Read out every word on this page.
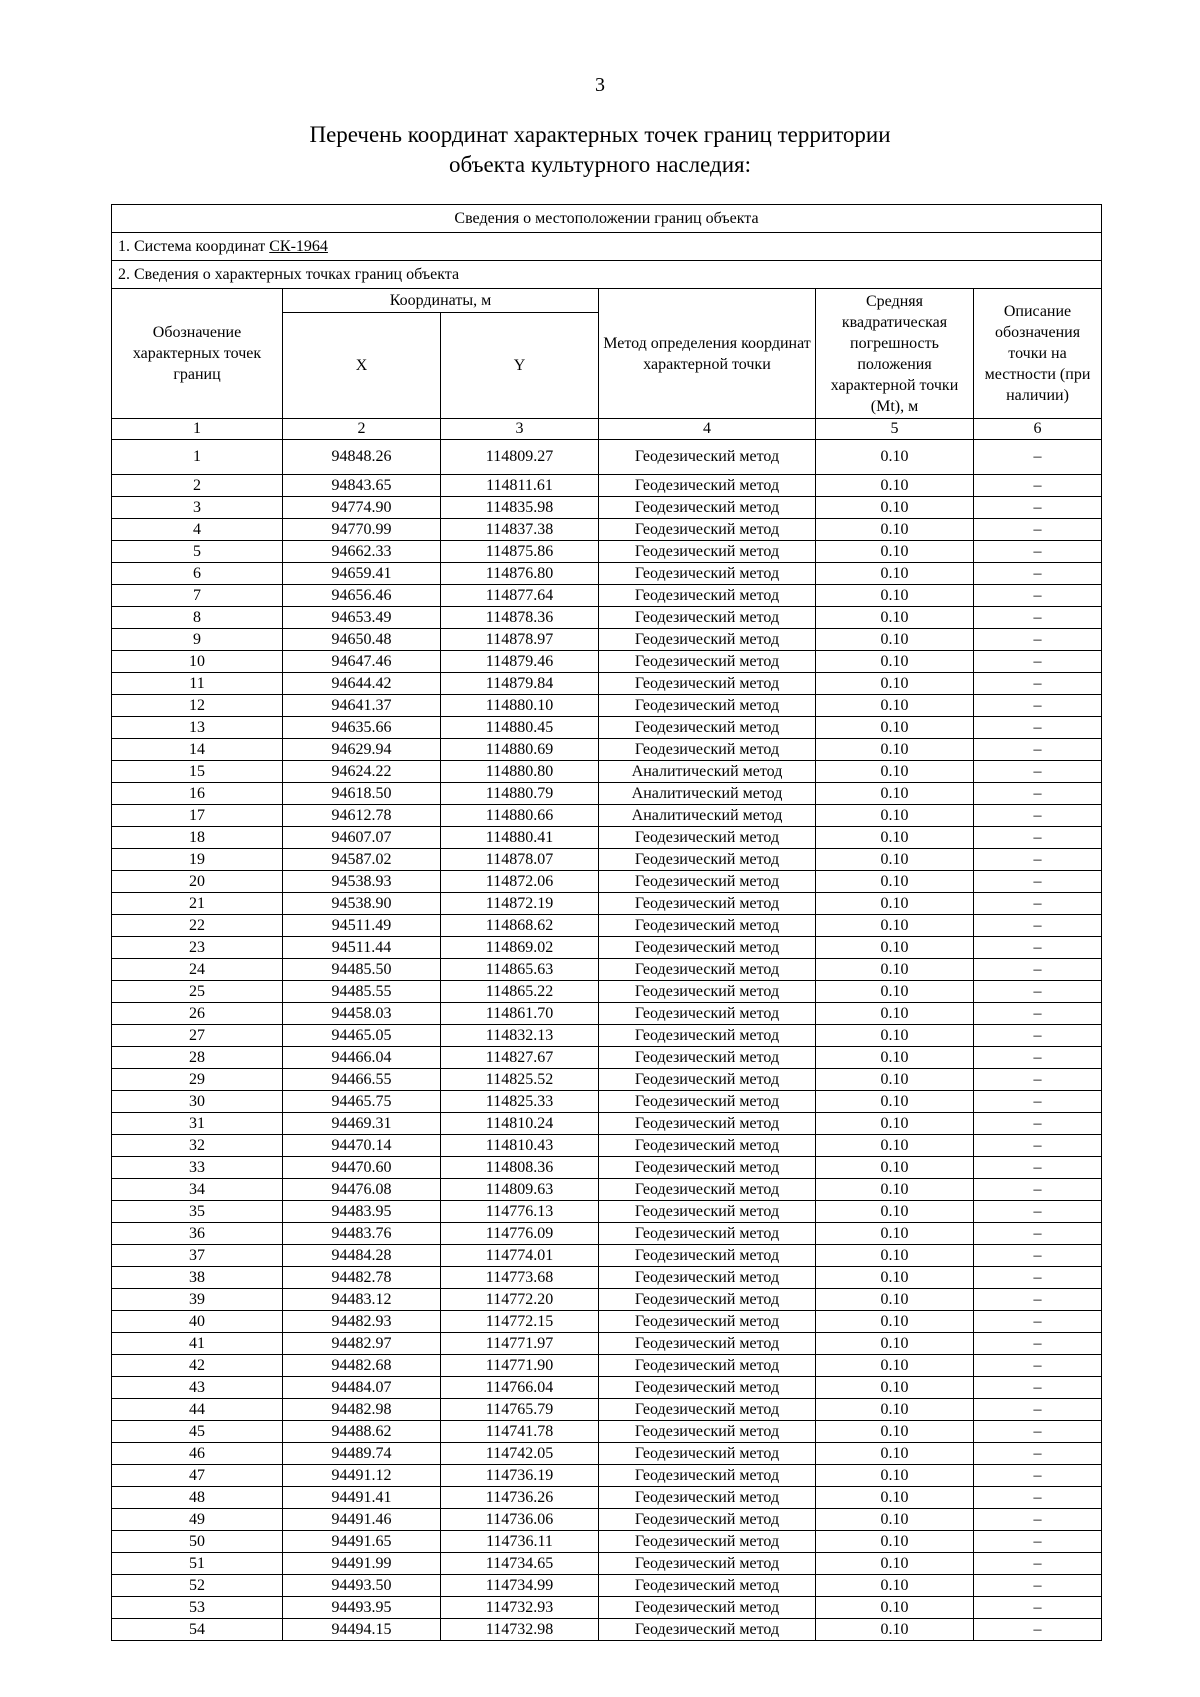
3
Перечень координат характерных точек границ территории
объекта культурного наследия:
Сведения о местоположении границ объекта					
1. Система координат СК-1964					
2. Сведения о характерных точках границ объекта					
Обозначение характерных точек границ	Координаты, м		Метод определения координат характерной точки	Средняя квадратическая погрешность положения характерной точки (Mt), м	Описание обозначения точки на местности (при наличии)
	X	Y			
1	2	3	4	5	6
1	94848.26	114809.27	Геодезический метод	0.10	–
2	94843.65	114811.61	Геодезический метод	0.10	–
3	94774.90	114835.98	Геодезический метод	0.10	–
4	94770.99	114837.38	Геодезический метод	0.10	–
5	94662.33	114875.86	Геодезический метод	0.10	–
6	94659.41	114876.80	Геодезический метод	0.10	–
7	94656.46	114877.64	Геодезический метод	0.10	–
8	94653.49	114878.36	Геодезический метод	0.10	–
9	94650.48	114878.97	Геодезический метод	0.10	–
10	94647.46	114879.46	Геодезический метод	0.10	–
11	94644.42	114879.84	Геодезический метод	0.10	–
12	94641.37	114880.10	Геодезический метод	0.10	–
13	94635.66	114880.45	Геодезический метод	0.10	–
14	94629.94	114880.69	Геодезический метод	0.10	–
15	94624.22	114880.80	Аналитический метод	0.10	–
16	94618.50	114880.79	Аналитический метод	0.10	–
17	94612.78	114880.66	Аналитический метод	0.10	–
18	94607.07	114880.41	Геодезический метод	0.10	–
19	94587.02	114878.07	Геодезический метод	0.10	–
20	94538.93	114872.06	Геодезический метод	0.10	–
21	94538.90	114872.19	Геодезический метод	0.10	–
22	94511.49	114868.62	Геодезический метод	0.10	–
23	94511.44	114869.02	Геодезический метод	0.10	–
24	94485.50	114865.63	Геодезический метод	0.10	–
25	94485.55	114865.22	Геодезический метод	0.10	–
26	94458.03	114861.70	Геодезический метод	0.10	–
27	94465.05	114832.13	Геодезический метод	0.10	–
28	94466.04	114827.67	Геодезический метод	0.10	–
29	94466.55	114825.52	Геодезический метод	0.10	–
30	94465.75	114825.33	Геодезический метод	0.10	–
31	94469.31	114810.24	Геодезический метод	0.10	–
32	94470.14	114810.43	Геодезический метод	0.10	–
33	94470.60	114808.36	Геодезический метод	0.10	–
34	94476.08	114809.63	Геодезический метод	0.10	–
35	94483.95	114776.13	Геодезический метод	0.10	–
36	94483.76	114776.09	Геодезический метод	0.10	–
37	94484.28	114774.01	Геодезический метод	0.10	–
38	94482.78	114773.68	Геодезический метод	0.10	–
39	94483.12	114772.20	Геодезический метод	0.10	–
40	94482.93	114772.15	Геодезический метод	0.10	–
41	94482.97	114771.97	Геодезический метод	0.10	–
42	94482.68	114771.90	Геодезический метод	0.10	–
43	94484.07	114766.04	Геодезический метод	0.10	–
44	94482.98	114765.79	Геодезический метод	0.10	–
45	94488.62	114741.78	Геодезический метод	0.10	–
46	94489.74	114742.05	Геодезический метод	0.10	–
47	94491.12	114736.19	Геодезический метод	0.10	–
48	94491.41	114736.26	Геодезический метод	0.10	–
49	94491.46	114736.06	Геодезический метод	0.10	–
50	94491.65	114736.11	Геодезический метод	0.10	–
51	94491.99	114734.65	Геодезический метод	0.10	–
52	94493.50	114734.99	Геодезический метод	0.10	–
53	94493.95	114732.93	Геодезический метод	0.10	–
54	94494.15	114732.98	Геодезический метод	0.10	–
